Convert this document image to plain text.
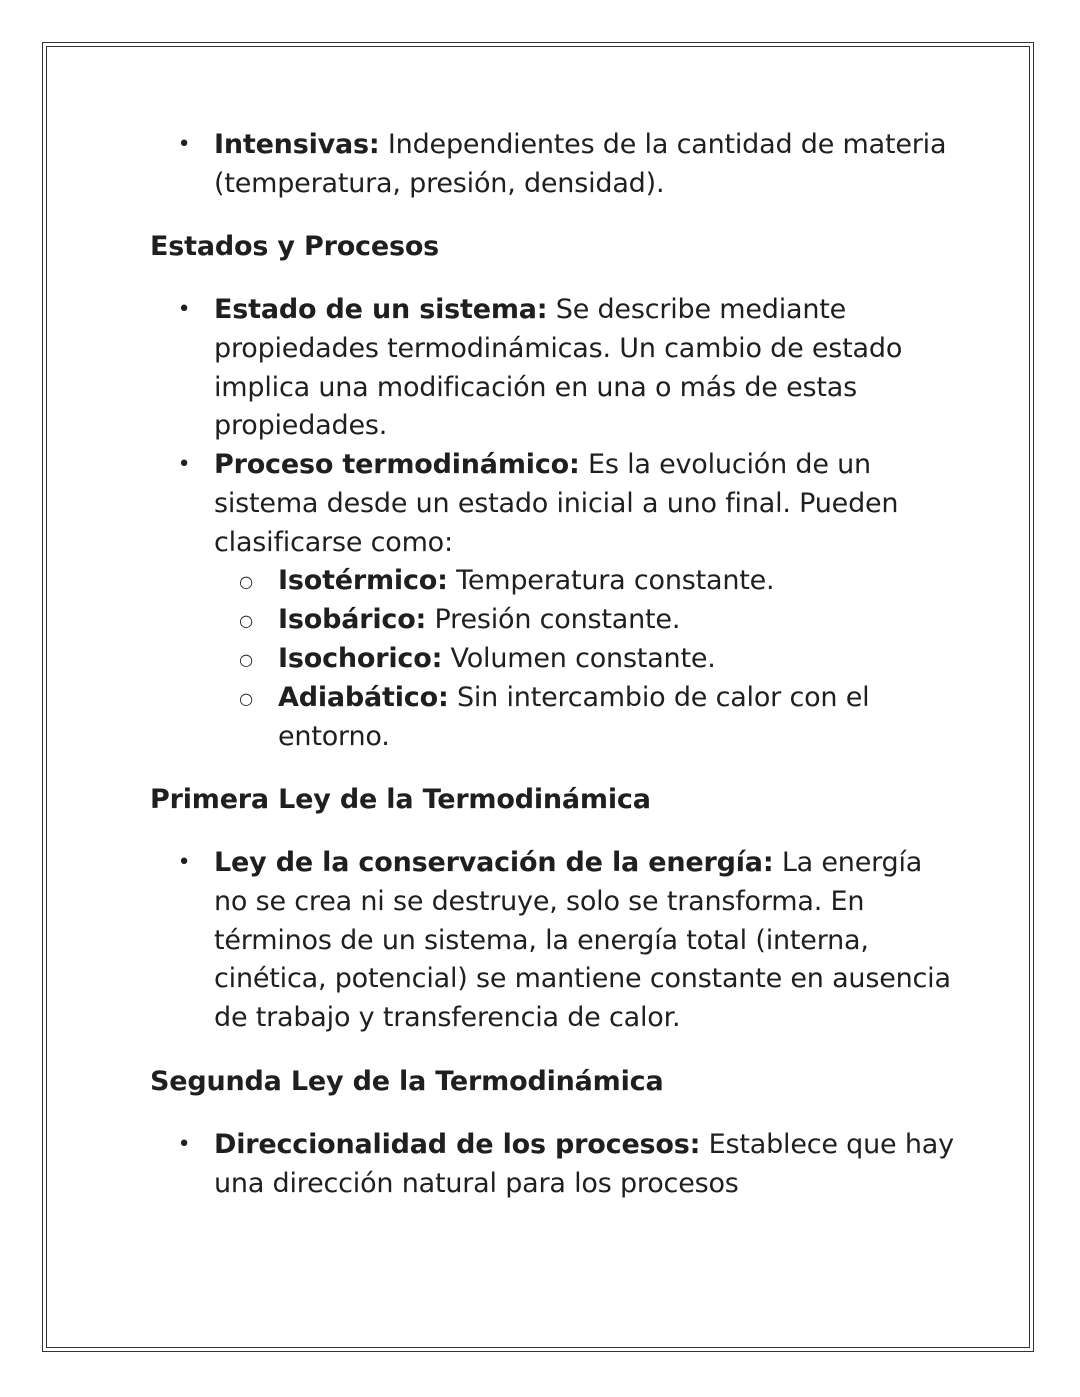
• Intensivas: Independientes de la cantidad de materia (temperatura, presión, densidad).
Estados y Procesos
• Estado de un sistema: Se describe mediante propiedades termodinámicas. Un cambio de estado implica una modificación en una o más de estas propiedades.
• Proceso termodinámico: Es la evolución de un sistema desde un estado inicial a uno final. Pueden clasificarse como:
○ Isotérmico: Temperatura constante.
○ Isobárico: Presión constante.
○ Isochorico: Volumen constante.
○ Adiabático: Sin intercambio de calor con el entorno.
Primera Ley de la Termodinámica
• Ley de la conservación de la energía: La energía no se crea ni se destruye, solo se transforma. En términos de un sistema, la energía total (interna, cinética, potencial) se mantiene constante en ausencia de trabajo y transferencia de calor.
Segunda Ley de la Termodinámica
• Direccionalidad de los procesos: Establece que hay una dirección natural para los procesos
